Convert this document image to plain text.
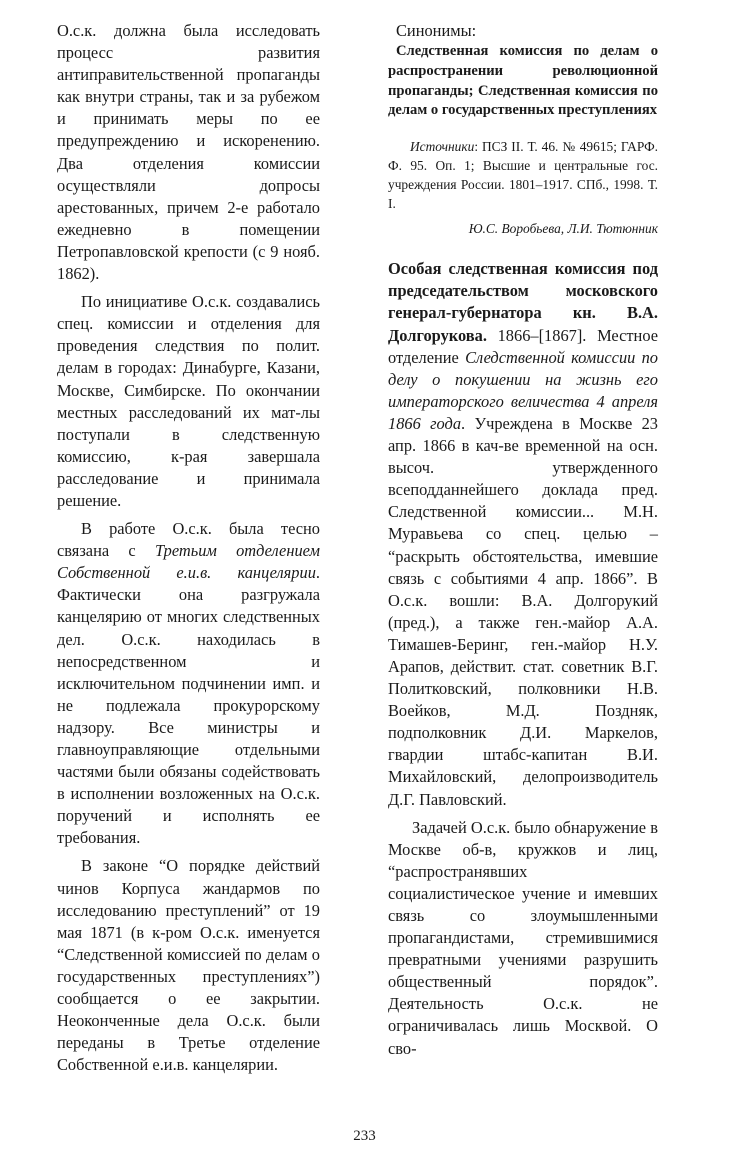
О.с.к. должна была исследовать процесс развития антиправительственной пропаганды как внутри страны, так и за рубежом и принимать меры по ее предупреждению и искоренению. Два отделения комиссии осуществляли допросы арестованных, причем 2-е работало ежедневно в помещении Петропавловской крепости (с 9 нояб. 1862).

По инициативе О.с.к. создавались спец. комиссии и отделения для проведения следствия по полит. делам в городах: Динабурге, Казани, Москве, Симбирске. По окончании местных расследований их мат-лы поступали в следственную комиссию, к-рая завершала расследование и принимала решение.

В работе О.с.к. была тесно связана с Третьим отделением Собственной е.и.в. канцелярии. Фактически она разгружала канцелярию от многих следственных дел. О.с.к. находилась в непосредственном и исключительном подчинении имп. и не подлежала прокурорскому надзору. Все министры и главноуправляющие отдельными частями были обязаны содействовать в исполнении возложенных на О.с.к. поручений и исполнять ее требования.

В законе “О порядке действий чинов Корпуса жандармов по исследованию преступлений” от 19 мая 1871 (в к-ром О.с.к. именуется “Следственной комиссией по делам о государственных преступлениях”) сообщается о ее закрытии. Неоконченные дела О.с.к. были переданы в Третье отделение Собственной е.и.в. канцелярии.

Синонимы:

Следственная комиссия по делам о распространении революционной пропаганды; Следственная комиссия по делам о государственных преступлениях

Источники: ПСЗ II. Т. 46. № 49615; ГАРФ. Ф. 95. Оп. 1; Высшие и центральные гос. учреждения России. 1801–1917. СПб., 1998. Т. I.

Ю.С. Воробьева, Л.И. Тютюнник

Особая следственная комиссия под председательством московского генерал-губернатора кн. В.А. Долгорукова. 1866–[1867]. Местное отделение Следственной комиссии по делу о покушении на жизнь его императорского величества 4 апреля 1866 года. Учреждена в Москве 23 апр. 1866 в кач-ве временной на осн. высоч. утвержденного всеподданнейшего доклада пред. Следственной комиссии... М.Н. Муравьева со спец. целью – “раскрыть обстоятельства, имевшие связь с событиями 4 апр. 1866”. В О.с.к. вошли: В.А. Долгорукий (пред.), а также ген.-майор А.А. Тимашев-Беринг, ген.-майор Н.У. Арапов, действит. стат. советник В.Г. Политковский, полковники Н.В. Воейков, М.Д. Поздняк, подполковник Д.И. Маркелов, гвардии штабс-капитан В.И. Михайловский, делопроизводитель Д.Г. Павловский.

Задачей О.с.к. было обнаружение в Москве об-в, кружков и лиц, “распространявших социалистическое учение и имевших связь со злоумышленными пропагандистами, стремившимися превратными учениями разрушить общественный порядок”. Деятельность О.с.к. не ограничивалась лишь Москвой. О сво-

233
